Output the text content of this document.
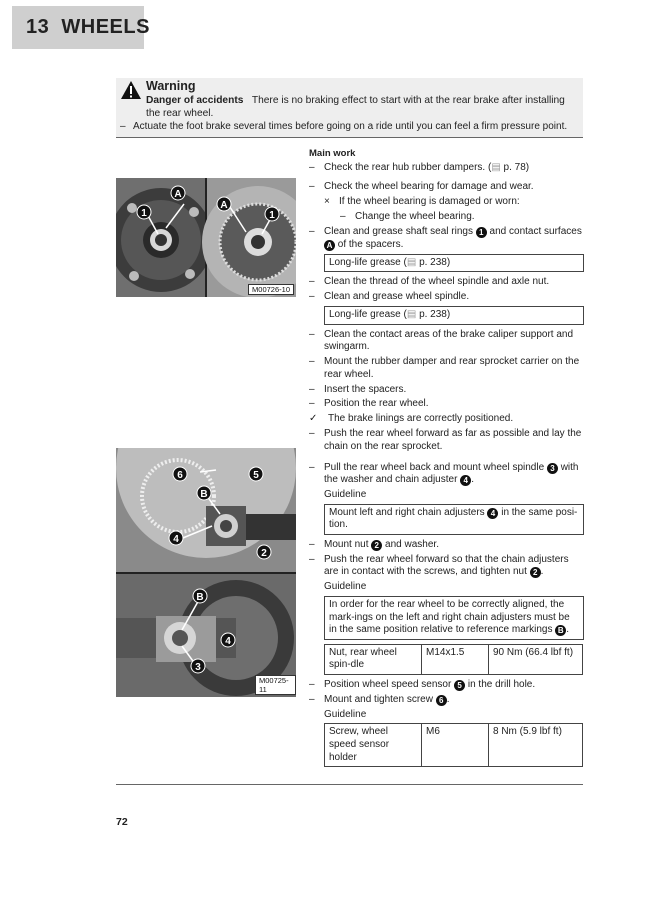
13 WHEELS
Warning
Danger of accidents There is no braking effect to start with at the rear brake after installing the rear wheel.
– Actuate the foot brake several times before going on a ride until you can feel a firm pressure point.
A
1
A
1
M00726-10
6	5
B
4
2
B
4
3
M00725-11
Main work
– Check the rear hub rubber dampers. (▤ p. 78)
– Check the wheel bearing for damage and wear.
× If the wheel bearing is damaged or worn:
– Change the wheel bearing.
– Clean and grease shaft seal rings 1 and contact surfaces A of the spacers.
Long-life grease (▤ p. 238)
– Clean the thread of the wheel spindle and axle nut.
– Clean and grease wheel spindle.
Long-life grease (▤ p. 238)
– Clean the contact areas of the brake caliper support and swingarm.
– Mount the rubber damper and rear sprocket carrier on the rear wheel.
– Insert the spacers.
– Position the rear wheel.
✓ The brake linings are correctly positioned.
– Push the rear wheel forward as far as possible and lay the chain on the rear sprocket.
– Pull the rear wheel back and mount wheel spindle 3 with the washer and chain adjuster 4 .
Guideline
Mount left and right chain adjusters 4 in the same posi-tion.
– Mount nut 2 and washer.
– Push the rear wheel forward so that the chain adjusters are in contact with the screws, and tighten nut 2 .
Guideline
In order for the rear wheel to be correctly aligned, the mark-ings on the left and right chain adjusters must be in the same position relative to reference markings B .
Nut, rear wheel spin-dle	M14x1.5	90 Nm (66.4 lbf ft)
– Position wheel speed sensor 5 in the drill hole.
– Mount and tighten screw 6 .
Guideline
Screw, wheel speed sensor holder	M6	8 Nm (5.9 lbf ft)
72
